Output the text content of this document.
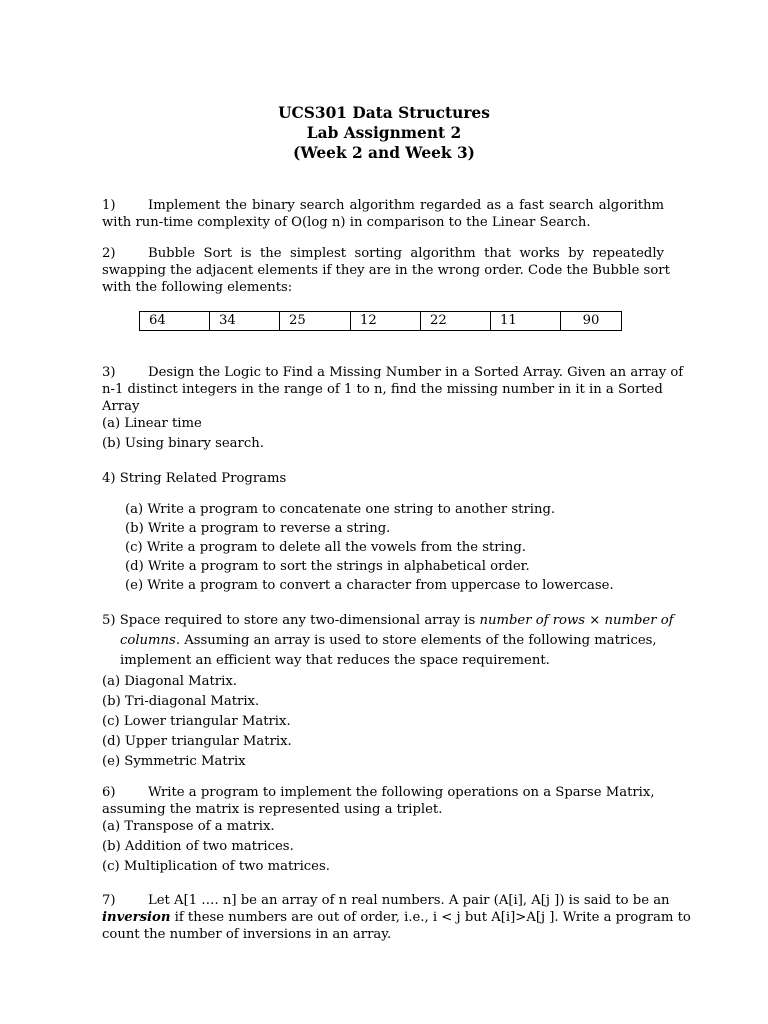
UCS301 Data Structures
Lab Assignment 2
(Week 2 and Week 3)
1) Implement the binary search algorithm regarded as a fast search algorithm
with run-time complexity of O(log n) in comparison to the Linear Search.
2) Bubble Sort is the simplest sorting algorithm that works by repeatedly
swapping the adjacent elements if they are in the wrong order. Code the Bubble sort
with the following elements:
64	34	25	12	22	11	90
3) Design the Logic to Find a Missing Number in a Sorted Array. Given an array of
n-1 distinct integers in the range of 1 to n, find the missing number in it in a Sorted
Array
(a) Linear time
(b) Using binary search.
4) String Related Programs
(a) Write a program to concatenate one string to another string.
(b) Write a program to reverse a string.
(c) Write a program to delete all the vowels from the string.
(d) Write a program to sort the strings in alphabetical order.
(e) Write a program to convert a character from uppercase to lowercase.
5) Space required to store any two-dimensional array is number of rows × number of
columns. Assuming an array is used to store elements of the following matrices,
implement an efficient way that reduces the space requirement.
(a) Diagonal Matrix.
(b) Tri-diagonal Matrix.
(c) Lower triangular Matrix.
(d) Upper triangular Matrix.
(e) Symmetric Matrix
6) Write a program to implement the following operations on a Sparse Matrix,
assuming the matrix is represented using a triplet.
(a) Transpose of a matrix.
(b) Addition of two matrices.
(c) Multiplication of two matrices.
7) Let A[1 …. n] be an array of n real numbers. A pair (A[i], A[j ]) is said to be an
inversion if these numbers are out of order, i.e., i < j but A[i]>A[j ]. Write a program to
count the number of inversions in an array.
